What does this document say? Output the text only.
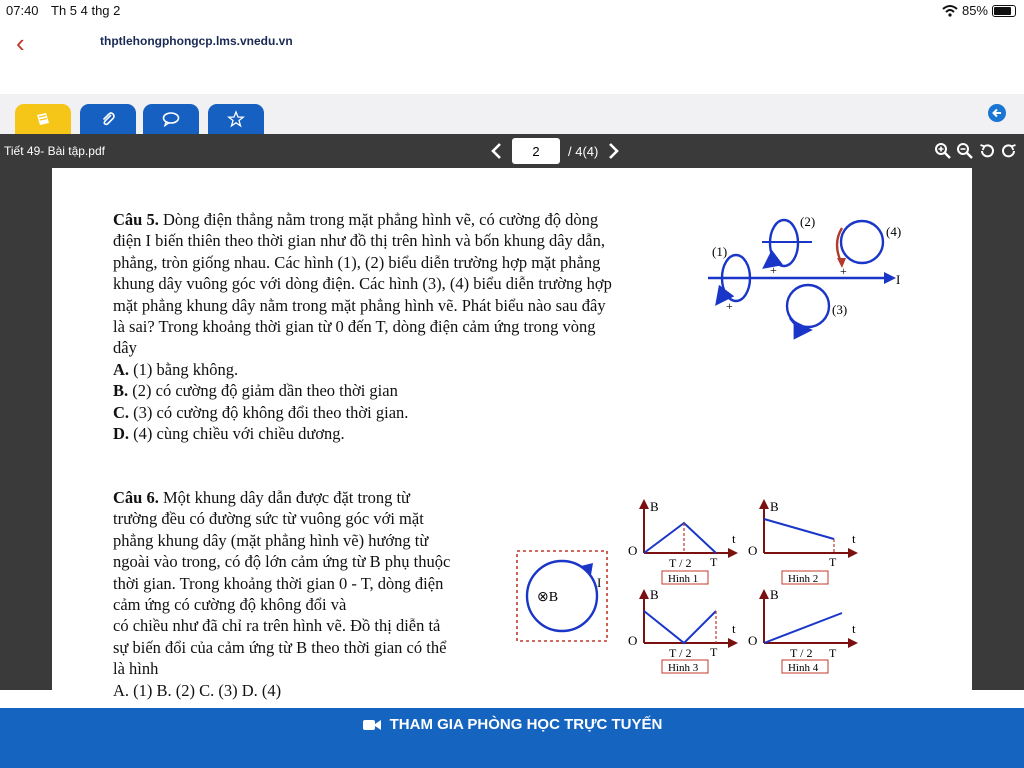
07:40 Th 5 4 thg 2	85%
‹	thptlehongphongcp.lms.vnedu.vn
Tiết 49- Bài tập.pdf	2	/ 4(4)

Câu 5. Dòng điện thẳng nằm trong mặt phẳng hình vẽ, có cường độ dòng

điện I biến thiên theo thời gian như đồ thị trên hình và bốn khung dây dẫn,

phẳng, tròn giống nhau. Các hình (1), (2) biểu diễn trường hợp mặt phẳng

khung dây vuông góc với dòng điện. Các hình (3), (4) biểu diễn trường hợp

mặt phẳng khung dây nằm trong mặt phẳng hình vẽ. Phát biểu nào sau đây

là sai? Trong khoảng thời gian từ 0 đến T, dòng điện cảm ứng trong vòng

dây

A. (1) bằng không.

B. (2) có cường độ giảm dần theo thời gian

C. (3) có cường độ không đổi theo thời gian.

D. (4) cùng chiều với chiều dương.

I
(1)
+
(2)
+
(4)
+
(3)

Câu 6. Một khung dây dẫn được đặt trong từ

trường đều có đường sức từ vuông góc với mặt

phẳng khung dây (mặt phẳng hình vẽ) hướng từ

ngoài vào trong, có độ lớn cảm ứng từ B phụ thuộc

thời gian. Trong khoảng thời gian 0 - T, dòng điện

cảm ứng có cường độ không đổi và

có chiều như đã chỉ ra trên hình vẽ. Đồ thị diễn tả

sự biến đổi của cảm ứng từ B theo thời gian có thể

là hình

A. (1) B. (2) C. (3) D. (4)

⊗B
I
B
t
O
T / 2 T
Hình 1
B
t
O
T
Hình 2
B
t
O
T / 2 T
Hình 3
B
t
O
T / 2 T
Hình 4
THAM GIA PHÒNG HỌC TRỰC TUYẾN
